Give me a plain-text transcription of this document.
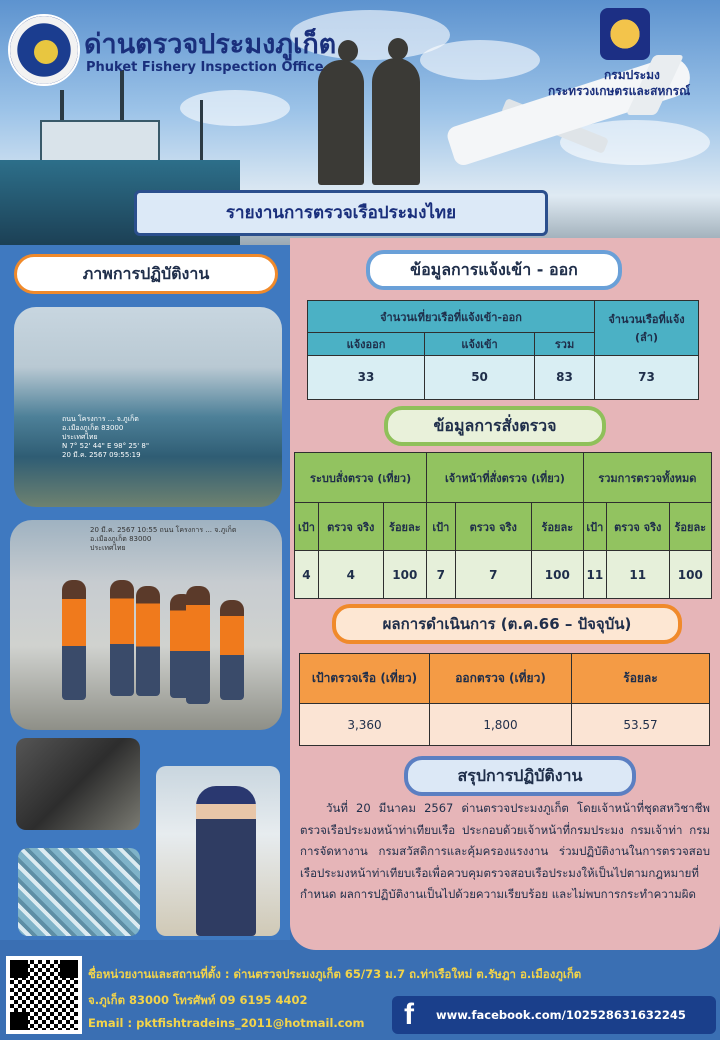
ด่านตรวจประมงภูเก็ต
Phuket Fishery Inspection Office	กรมประมง
กระทรวงเกษตรและสหกรณ์
รายงานการตรวจเรือประมงไทย
ภาพการปฏิบัติงาน
ถนน โครงการ ... จ.ภูเก็ต
อ.เมืองภูเก็ต 83000
ประเทศไทย
N 7° 52' 44" E 98° 25' 8"
20 มี.ค. 2567 09:55:19
20 มี.ค. 2567 10:55 ถนน โครงการ ... จ.ภูเก็ต
อ.เมืองภูเก็ต 83000
ประเทศไทย
ข้อมูลการแจ้งเข้า - ออก
จำนวนเที่ยวเรือที่แจ้งเข้า-ออก			จำนวนเรือที่แจ้ง (ลำ)
แจ้งออก	แจ้งเข้า	รวม	
33	50	83	73
ข้อมูลการสั่งตรวจ
ระบบสั่งตรวจ (เที่ยว)			เจ้าหน้าที่สั่งตรวจ (เที่ยว)			รวมการตรวจทั้งหมด		
เป้า	ตรวจ จริง	ร้อยละ	เป้า	ตรวจ จริง	ร้อยละ	เป้า	ตรวจ จริง	ร้อยละ
4	4	100	7	7	100	11	11	100
ผลการดำเนินการ (ต.ค.66 – ปัจจุบัน)
เป้าตรวจเรือ (เที่ยว)	ออกตรวจ (เที่ยว)	ร้อยละ
3,360	1,800	53.57
สรุปการปฏิบัติงาน
วันที่ 20 มีนาคม 2567 ด่านตรวจประมงภูเก็ต โดยเจ้าหน้าที่ชุดสหวิชาชีพตรวจเรือประมงหน้าท่าเทียบเรือ ประกอบด้วยเจ้าหน้าที่กรมประมง กรมเจ้าท่า กรมการจัดหางาน กรมสวัสดิการและคุ้มครองแรงงาน ร่วมปฏิบัติงานในการตรวจสอบเรือประมงหน้าท่าเทียบเรือเพื่อควบคุมตรวจสอบเรือประมงให้เป็นไปตามกฎหมายที่กำหนด ผลการปฏิบัติงานเป็นไปด้วยความเรียบร้อย และไม่พบการกระทำความผิด
ชื่อหน่วยงานและสถานที่ตั้ง : ด่านตรวจประมงภูเก็ต 65/73 ม.7 ถ.ท่าเรือใหม่ ต.รัษฎา อ.เมืองภูเก็ต
จ.ภูเก็ต 83000 โทรศัพท์ 09 6195 4402
Email : pktfishtradeins_2011@hotmail.com f	www.facebook.com/102528631632245
